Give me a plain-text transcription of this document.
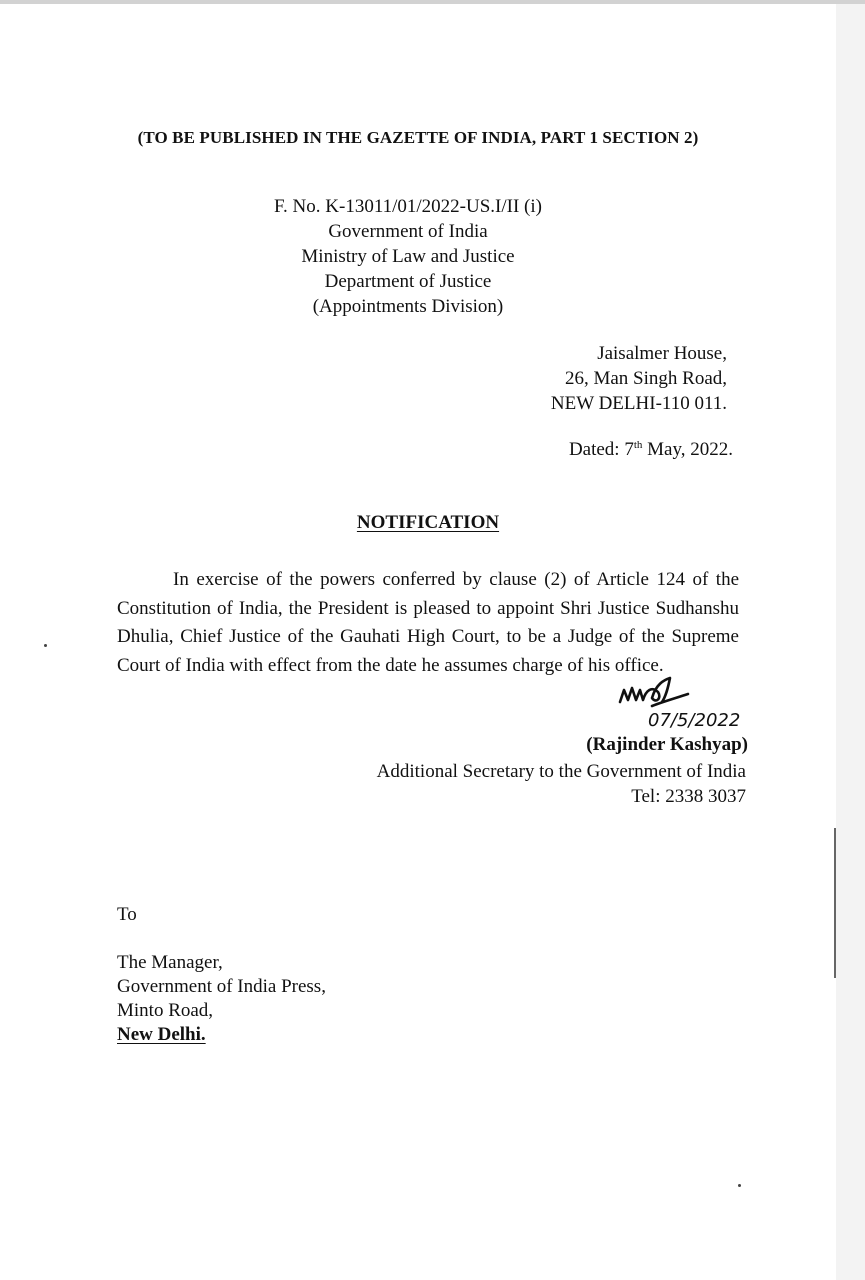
(TO BE PUBLISHED IN THE GAZETTE OF INDIA, PART 1 SECTION 2)
F. No. K-13011/01/2022-US.I/II (i)
Government of India
Ministry of Law and Justice
Department of Justice
(Appointments Division)
Jaisalmer House,
26, Man Singh Road,
NEW DELHI-110 011.
Dated: 7th May, 2022.
NOTIFICATION
In exercise of the powers conferred by clause (2) of Article 124 of the Constitution of India, the President is pleased to appoint Shri Justice Sudhanshu Dhulia, Chief Justice of the Gauhati High Court, to be a Judge of the Supreme Court of India with effect from the date he assumes charge of his office.
07/5/2022
(Rajinder Kashyap)
Additional Secretary to the Government of India
Tel: 2338 3037
To
The Manager,
Government of India Press,
Minto Road,
New Delhi.
